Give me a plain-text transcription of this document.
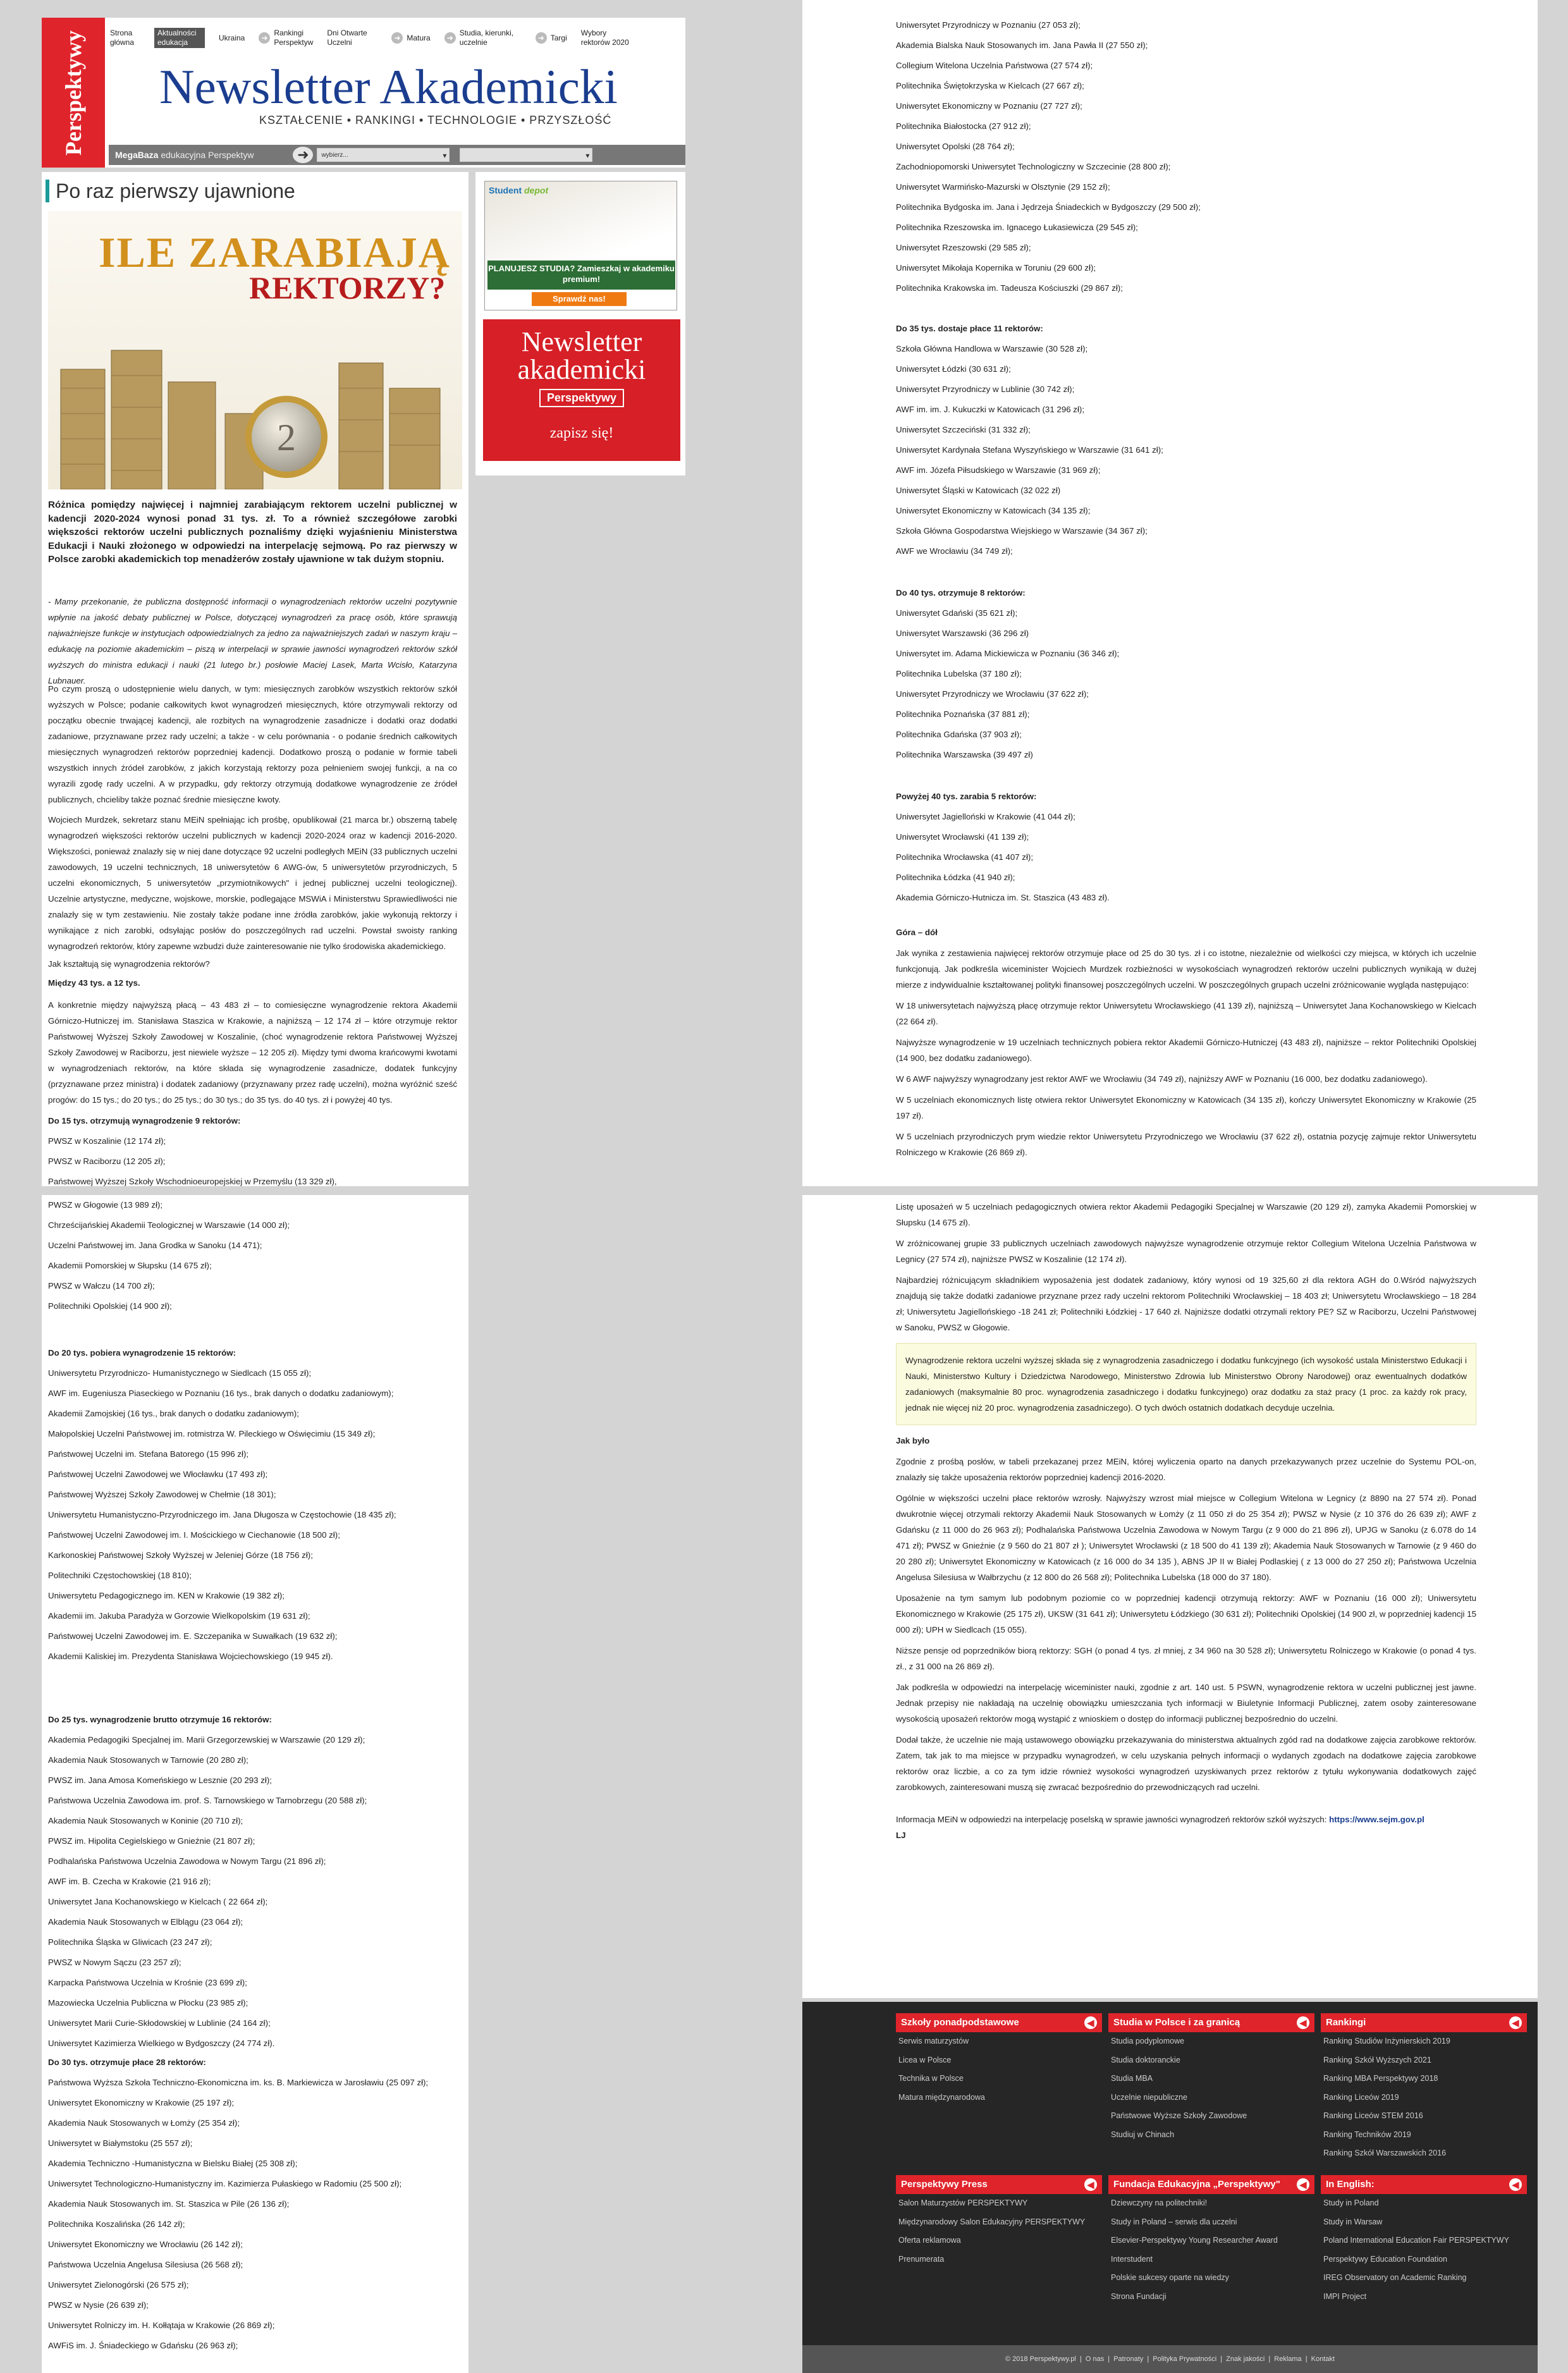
Perspektywy	Strona główna
Aktualności edukacja
Ukraina	➜
Rankingi Perspektyw
Dni Otwarte Uczelni	➜ Matura	➜
Studia, kierunki, uczelnie	➜ Targi
Wybory rektorów 2020
Newsletter Akademicki
KSZTAŁCENIE • RANKINGI • TECHNOLOGIE • PRZYSZŁOŚĆ
MegaBaza edukacyjna Perspektyw	➜	wybierz... ▾
▾
Student depot
PLANUJESZ STUDIA? Zamieszkaj w akademiku premium!
Sprawdź nas!
Newsletter akademicki
Perspektywy
zapisz się!
Po raz pierwszy ujawnione
ILE ZARABIAJĄ
REKTORZY?
2

Różnica pomiędzy najwięcej i najmniej zarabiającym rektorem uczelni publicznej w kadencji 2020-2024 wynosi ponad 31 tys. zł. To a również szczegółowe zarobki większości rektorów uczelni publicznych poznaliśmy dzięki wyjaśnieniu Ministerstwa Edukacji i Nauki złożonego w odpowiedzi na interpelację sejmową. Po raz pierwszy w Polsce zarobki akademickich top menadżerów zostały ujawnione w tak dużym stopniu.

- Mamy przekonanie, że publiczna dostępność informacji o wynagrodzeniach rektorów uczelni pozytywnie wpłynie na jakość debaty publicznej w Polsce, dotyczącej wynagrodzeń za pracę osób, które sprawują najważniejsze funkcje w instytucjach odpowiedzialnych za jedno za najważniejszych zadań w naszym kraju – edukację na poziomie akademickim – piszą w interpelacji w sprawie jawności wynagrodzeń rektorów szkół wyższych do ministra edukacji i nauki (21 lutego br.) posłowie Maciej Lasek, Marta Wcisło, Katarzyna Lubnauer.

Po czym proszą o udostępnienie wielu danych, w tym: miesięcznych zarobków wszystkich rektorów szkół wyższych w Polsce; podanie całkowitych kwot wynagrodzeń miesięcznych, które otrzymywali rektorzy od początku obecnie trwającej kadencji, ale rozbitych na wynagrodzenie zasadnicze i dodatki oraz dodatki zadaniowe, przyznawane przez rady uczelni; a także - w celu porównania - o podanie średnich całkowitych miesięcznych wynagrodzeń rektorów poprzedniej kadencji. Dodatkowo proszą o podanie w formie tabeli wszystkich innych źródeł zarobków, z jakich korzystają rektorzy poza pełnieniem swojej funkcji, a na co wyrazili zgodę rady uczelni. A w przypadku, gdy rektorzy otrzymują dodatkowe wynagrodzenie ze źródeł publicznych, chcieliby także poznać średnie miesięczne kwoty.

Wojciech Murdzek, sekretarz stanu MEiN spełniając ich prośbę, opublikował (21 marca br.) obszerną tabelę wynagrodzeń większości rektorów uczelni publicznych w kadencji 2020-2024 oraz w kadencji 2016-2020. Większości, ponieważ znalazły się w niej dane dotyczące 92 uczelni podległych MEiN (33 publicznych uczelni zawodowych, 19 uczelni technicznych, 18 uniwersytetów 6 AWG-ów, 5 uniwersytetów przyrodniczych, 5 uczelni ekonomicznych, 5 uniwersytetów „przymiotnikowych" i jednej publicznej uczelni teologicznej). Uczelnie artystyczne, medyczne, wojskowe, morskie, podlegające MSWiA i Ministerstwu Sprawiedliwości nie znalazły się w tym zestawieniu. Nie zostały także podane inne źródła zarobków, jakie wykonują rektorzy i wynikające z nich zarobki, odsyłając posłów do poszczególnych rad uczelni. Powstał swoisty ranking wynagrodzeń rektorów, który zapewne wzbudzi duże zainteresowanie nie tylko środowiska akademickiego.

Jak kształtują się wynagrodzenia rektorów?

Między 43 tys. a 12 tys.

A konkretnie między najwyższą płacą – 43 483 zł – to comiesięczne wynagrodzenie rektora Akademii Górniczo-Hutniczej im. Stanisława Staszica w Krakowie, a najniższą – 12 174 zł – które otrzymuje rektor Państwowej Wyższej Szkoły Zawodowej w Koszalinie, (choć wynagrodzenie rektora Państwowej Wyższej Szkoły Zawodowej w Raciborzu, jest niewiele wyższe – 12 205 zł). Między tymi dwoma krańcowymi kwotami w wynagrodzeniach rektorów, na które składa się wynagrodzenie zasadnicze, dodatek funkcyjny (przyznawane przez ministra) i dodatek zadaniowy (przyznawany przez radę uczelni), można wyróżnić sześć progów: do 15 tys.; do 20 tys.; do 25 tys.; do 30 tys.; do 35 tys. do 40 tys. zł i powyżej 40 tys.

Do 15 tys. otrzymują wynagrodzenie 9 rektorów:
PWSZ w Koszalinie (12 174 zł);
PWSZ w Raciborzu (12 205 zł);
Państwowej Wyższej Szkoły Wschodnioeuropejskiej w Przemyślu (13 329 zł),
PWSZ w Głogowie (13 989 zł);
Chrześcijańskiej Akademii Teologicznej w Warszawie (14 000 zł);
Uczelni Państwowej im. Jana Grodka w Sanoku (14 471);
Akademii Pomorskiej w Słupsku (14 675 zł);
PWSZ w Wałczu (14 700 zł);
Politechniki Opolskiej (14 900 zł);
Do 20 tys. pobiera wynagrodzenie 15 rektorów:
Uniwersytetu Przyrodniczo- Humanistycznego w Siedlcach (15 055 zł);
AWF im. Eugeniusza Piaseckiego w Poznaniu (16 tys., brak danych o dodatku zadaniowym);
Akademii Zamojskiej (16 tys., brak danych o dodatku zadaniowym);
Małopolskiej Uczelni Państwowej im. rotmistrza W. Pileckiego w Oświęcimiu (15 349 zł);
Państwowej Uczelni im. Stefana Batorego (15 996 zł);
Państwowej Uczelni Zawodowej we Włocławku (17 493 zł);
Państwowej Wyższej Szkoły Zawodowej w Chełmie (18 301);
Uniwersytetu Humanistyczno-Przyrodniczego im. Jana Długosza w Częstochowie (18 435 zł);
Państwowej Uczelni Zawodowej im. I. Mościckiego w Ciechanowie (18 500 zł);
Karkonoskiej Państwowej Szkoły Wyższej w Jeleniej Górze (18 756 zł);
Politechniki Częstochowskiej (18 810);
Uniwersytetu Pedagogicznego im. KEN w Krakowie (19 382 zł);
Akademii im. Jakuba Paradyża w Gorzowie Wielkopolskim (19 631 zł);
Państwowej Uczelni Zawodowej im. E. Szczepanika w Suwałkach (19 632 zł);
Akademii Kaliskiej im. Prezydenta Stanisława Wojciechowskiego (19 945 zł).
Do 25 tys. wynagrodzenie brutto otrzymuje 16 rektorów:
Akademia Pedagogiki Specjalnej im. Marii Grzegorzewskiej w Warszawie (20 129 zł);
Akademia Nauk Stosowanych w Tarnowie (20 280 zł);
PWSZ im. Jana Amosa Komeńskiego w Lesznie (20 293 zł);
Państwowa Uczelnia Zawodowa im. prof. S. Tarnowskiego w Tarnobrzegu (20 588 zł);
Akademia Nauk Stosowanych w Koninie (20 710 zł);
PWSZ im. Hipolita Cegielskiego w Gnieźnie (21 807 zł);
Podhalańska Państwowa Uczelnia Zawodowa w Nowym Targu (21 896 zł);
AWF im. B. Czecha w Krakowie (21 916 zł);
Uniwersytet Jana Kochanowskiego w Kielcach ( 22 664 zł);
Akademia Nauk Stosowanych w Elblągu (23 064 zł);
Politechnika Śląska w Gliwicach (23 247 zł);
PWSZ w Nowym Sączu (23 257 zł);
Karpacka Państwowa Uczelnia w Krośnie (23 699 zł);
Mazowiecka Uczelnia Publiczna w Płocku (23 985 zł);
Uniwersytet Marii Curie-Skłodowskiej w Lublinie (24 164 zł);
Uniwersytet Kazimierza Wielkiego w Bydgoszczy (24 774 zł).
Do 30 tys. otrzymuje płace 28 rektorów:
Państwowa Wyższa Szkoła Techniczno-Ekonomiczna im. ks. B. Markiewicza w Jarosławiu (25 097 zł);
Uniwersytet Ekonomiczny w Krakowie (25 197 zł);
Akademia Nauk Stosowanych w Łomży (25 354 zł);
Uniwersytet w Białymstoku (25 557 zł);
Akademia Techniczno -Humanistyczna w Bielsku Białej (25 308 zł);
Uniwersytet Technologiczno-Humanistyczny im. Kazimierza Pułaskiego w Radomiu (25 500 zł);
Akademia Nauk Stosowanych im. St. Staszica w Pile (26 136 zł);
Politechnika Koszalińska (26 142 zł);
Uniwersytet Ekonomiczny we Wrocławiu (26 142 zł);
Państwowa Uczelnia Angelusa Silesiusa (26 568 zł);
Uniwersytet Zielonogórski (26 575 zł);
PWSZ w Nysie (26 639 zł);
Uniwersytet Rolniczy im. H. Kołłątaja w Krakowie (26 869 zł);
AWFiS im. J. Śniadeckiego w Gdańsku (26 963 zł);
Uniwersytet Przyrodniczy w Poznaniu (27 053 zł);
Akademia Bialska Nauk Stosowanych im. Jana Pawła II (27 550 zł);
Collegium Witelona Uczelnia Państwowa (27 574 zł);
Politechnika Świętokrzyska w Kielcach (27 667 zł);
Uniwersytet Ekonomiczny w Poznaniu (27 727 zł);
Politechnika Białostocka (27 912 zł);
Uniwersytet Opolski (28 764 zł);
Zachodniopomorski Uniwersytet Technologiczny w Szczecinie (28 800 zł);
Uniwersytet Warmińsko-Mazurski w Olsztynie (29 152 zł);
Politechnika Bydgoska im. Jana i Jędrzeja Śniadeckich w Bydgoszczy (29 500 zł);
Politechnika Rzeszowska im. Ignacego Łukasiewicza (29 545 zł);
Uniwersytet Rzeszowski (29 585 zł);
Uniwersytet Mikołaja Kopernika w Toruniu (29 600 zł);
Politechnika Krakowska im. Tadeusza Kościuszki (29 867 zł);
Do 35 tys. dostaje płace 11 rektorów:
Szkoła Główna Handlowa w Warszawie (30 528 zł);
Uniwersytet Łódzki (30 631 zł);
Uniwersytet Przyrodniczy w Lublinie (30 742 zł);
AWF im. im. J. Kukuczki w Katowicach (31 296 zł);
Uniwersytet Szczeciński (31 332 zł);
Uniwersytet Kardynała Stefana Wyszyńskiego w Warszawie (31 641 zł);
AWF im. Józefa Piłsudskiego w Warszawie (31 969 zł);
Uniwersytet Śląski w Katowicach (32 022 zł)
Uniwersytet Ekonomiczny w Katowicach (34 135 zł);
Szkoła Główna Gospodarstwa Wiejskiego w Warszawie (34 367 zł);
AWF we Wrocławiu (34 749 zł);
Do 40 tys. otrzymuje 8 rektorów:
Uniwersytet Gdański (35 621 zł);
Uniwersytet Warszawski (36 296 zł)
Uniwersytet im. Adama Mickiewicza w Poznaniu (36 346 zł);
Politechnika Lubelska (37 180 zł);
Uniwersytet Przyrodniczy we Wrocławiu (37 622 zł);
Politechnika Poznańska (37 881 zł);
Politechnika Gdańska (37 903 zł);
Politechnika Warszawska (39 497 zł)
Powyżej 40 tys. zarabia 5 rektorów:
Uniwersytet Jagielloński w Krakowie (41 044 zł);
Uniwersytet Wrocławski (41 139 zł);
Politechnika Wrocławska (41 407 zł);
Politechnika Łódzka (41 940 zł);
Akademia Górniczo-Hutnicza im. St. Staszica (43 483 zł).

Góra – dół

Jak wynika z zestawienia najwięcej rektorów otrzymuje płace od 25 do 30 tys. zł i co istotne, niezależnie od wielkości czy miejsca, w których ich uczelnie funkcjonują. Jak podkreśla wiceminister Wojciech Murdzek rozbieżności w wysokościach wynagrodzeń rektorów uczelni publicznych wynikają w dużej mierze z indywidualnie kształtowanej polityki finansowej poszczególnych uczelni. W poszczególnych grupach uczelni zróżnicowanie wygląda następująco:

W 18 uniwersytetach najwyższą płacę otrzymuje rektor Uniwersytetu Wrocławskiego (41 139 zł), najniższą – Uniwersytet Jana Kochanowskiego w Kielcach (22 664 zł).

Najwyższe wynagrodzenie w 19 uczelniach technicznych pobiera rektor Akademii Górniczo-Hutniczej (43 483 zł), najniższe – rektor Politechniki Opolskiej (14 900, bez dodatku zadaniowego).

W 6 AWF najwyższy wynagrodzany jest rektor AWF we Wrocławiu (34 749 zł), najniższy AWF w Poznaniu (16 000, bez dodatku zadaniowego).

W 5 uczelniach ekonomicznych listę otwiera rektor Uniwersytet Ekonomiczny w Katowicach (34 135 zł), kończy Uniwersytet Ekonomiczny w Krakowie (25 197 zł).

W 5 uczelniach przyrodniczych prym wiedzie rektor Uniwersytetu Przyrodniczego we Wrocławiu (37 622 zł), ostatnia pozycję zajmuje rektor Uniwersytetu Rolniczego w Krakowie (26 869 zł).

Listę uposażeń w 5 uczelniach pedagogicznych otwiera rektor Akademii Pedagogiki Specjalnej w Warszawie (20 129 zł), zamyka Akademii Pomorskiej w Słupsku (14 675 zł).

W zróżnicowanej grupie 33 publicznych uczelniach zawodowych najwyższe wynagrodzenie otrzymuje rektor Collegium Witelona Uczelnia Państwowa w Legnicy (27 574 zł), najniższe PWSZ w Koszalinie (12 174 zł).

Najbardziej różnicującym składnikiem wyposażenia jest dodatek zadaniowy, który wynosi od 19 325,60 zł dla rektora AGH do 0.Wśród najwyższych znajdują się także dodatki zadaniowe przyznane przez rady uczelni rektorom Politechniki Wrocławskiej – 18 403 zł; Uniwersytetu Wrocławskiego – 18 284 zł; Uniwersytetu Jagiellońskiego -18 241 zł; Politechniki Łódzkiej - 17 640 zł. Najniższe dodatki otrzymali rektory PE? SZ w Raciborzu, Uczelni Państwowej w Sanoku, PWSZ w Głogowie.

Wynagrodzenie rektora uczelni wyższej składa się z wynagrodzenia zasadniczego i dodatku funkcyjnego (ich wysokość ustala Ministerstwo Edukacji i Nauki, Ministerstwo Kultury i Dziedzictwa Narodowego, Ministerstwo Zdrowia lub Ministerstwo Obrony Narodowej) oraz ewentualnych dodatków zadaniowych (maksymalnie 80 proc. wynagrodzenia zasadniczego i dodatku funkcyjnego) oraz dodatku za staż pracy (1 proc. za każdy rok pracy, jednak nie więcej niż 20 proc. wynagrodzenia zasadniczego). O tych dwóch ostatnich dodatkach decyduje uczelnia.

Jak było

Zgodnie z prośbą posłów, w tabeli przekazanej przez MEiN, której wyliczenia oparto na danych przekazywanych przez uczelnie do Systemu POL-on, znalazły się także uposażenia rektorów poprzedniej kadencji 2016-2020.

Ogólnie w większości uczelni płace rektorów wzrosły. Najwyższy wzrost miał miejsce w Collegium Witelona w Legnicy (z 8890 na 27 574 zł). Ponad dwukrotnie więcej otrzymali rektorzy Akademii Nauk Stosowanych w Łomży (z 11 050 zł do 25 354 zł); PWSZ w Nysie (z 10 376 do 26 639 zł); AWF z Gdańsku (z 11 000 do 26 963 zł); Podhalańska Państwowa Uczelnia Zawodowa w Nowym Targu (z 9 000 do 21 896 zł), UPJG w Sanoku (z 6.078 do 14 471 zł); PWSZ w Gnieźnie (z 9 560 do 21 807 zł ); Uniwersytet Wrocławski (z 18 500 do 41 139 zł); Akademia Nauk Stosowanych w Tarnowie (z 9 460 do 20 280 zł); Uniwersytet Ekonomiczny w Katowicach (z 16 000 do 34 135 ), ABNS JP II w Białej Podlaskiej ( z 13 000 do 27 250 zł); Państwowa Uczelnia Angelusa Silesiusa w Wałbrzychu (z 12 800 do 26 568 zł); Politechnika Lubelska (18 000 do 37 180).

Uposażenie na tym samym lub podobnym poziomie co w poprzedniej kadencji otrzymują rektorzy: AWF w Poznaniu (16 000 zł); Uniwersytetu Ekonomicznego w Krakowie (25 175 zł), UKSW (31 641 zł); Uniwersytetu Łódzkiego (30 631 zł); Politechniki Opolskiej (14 900 zł, w poprzedniej kadencji 15 000 zł); UPH w Siedlcach (15 055).

Niższe pensje od poprzedników biorą rektorzy: SGH (o ponad 4 tys. zł mniej, z 34 960 na 30 528 zł); Uniwersytetu Rolniczego w Krakowie (o ponad 4 tys. zł., z 31 000 na 26 869 zł).

Jak podkreśla w odpowiedzi na interpelację wiceminister nauki, zgodnie z art. 140 ust. 5 PSWN, wynagrodzenie rektora w uczelni publicznej jest jawne. Jednak przepisy nie nakładają na uczelnię obowiązku umieszczania tych informacji w Biuletynie Informacji Publicznej, zatem osoby zainteresowane wysokością uposażeń rektorów mogą wystąpić z wnioskiem o dostęp do informacji publicznej bezpośrednio do uczelni.

Dodał także, że uczelnie nie mają ustawowego obowiązku przekazywania do ministerstwa aktualnych zgód rad na dodatkowe zajęcia zarobkowe rektorów. Zatem, tak jak to ma miejsce w przypadku wynagrodzeń, w celu uzyskania pełnych informacji o wydanych zgodach na dodatkowe zajęcia zarobkowe rektorów oraz liczbie, a co za tym idzie również wysokości wynagrodzeń uzyskiwanych przez rektorów z tytułu wykonywania dodatkowych zajęć zarobkowych, zainteresowani muszą się zwracać bezpośrednio do przewodniczących rad uczelni.

Informacja MEiN w odpowiedzi na interpelację poselską w sprawie jawności wynagrodzeń rektorów szkół wyższych: https://www.sejm.gov.pl

LJ

Szkoły ponadpodstawowe	◀
Serwis maturzystów
Licea w Polsce
Technika w Polsce
Matura międzynarodowa
Studia w Polsce i za granicą	◀
Studia podyplomowe
Studia doktoranckie
Studia MBA
Uczelnie niepubliczne
Państwowe Wyższe Szkoły Zawodowe
Studiuj w Chinach
Rankingi	◀
Ranking Studiów Inżynierskich 2019
Ranking Szkół Wyższych 2021
Ranking MBA Perspektywy 2018
Ranking Liceów 2019
Ranking Liceów STEM 2016
Ranking Techników 2019
Ranking Szkół Warszawskich 2016
Perspektywy Press	◀
Salon Maturzystów PERSPEKTYWY
Międzynarodowy Salon Edukacyjny PERSPEKTYWY
Oferta reklamowa
Prenumerata
Fundacja Edukacyjna „Perspektywy"	◀
Dziewczyny na politechniki!
Study in Poland – serwis dla uczelni
Elsevier-Perspektywy Young Researcher Award
Interstudent
Polskie sukcesy oparte na wiedzy
Strona Fundacji
In English:	◀
Study in Poland
Study in Warsaw
Poland International Education Fair PERSPEKTYWY
Perspektywy Education Foundation
IREG Observatory on Academic Ranking
IMPI Project
© 2018 Perspektywy.pl | O nas | Patronaty | Polityka Prywatności | Znak jakości | Reklama | Kontakt
